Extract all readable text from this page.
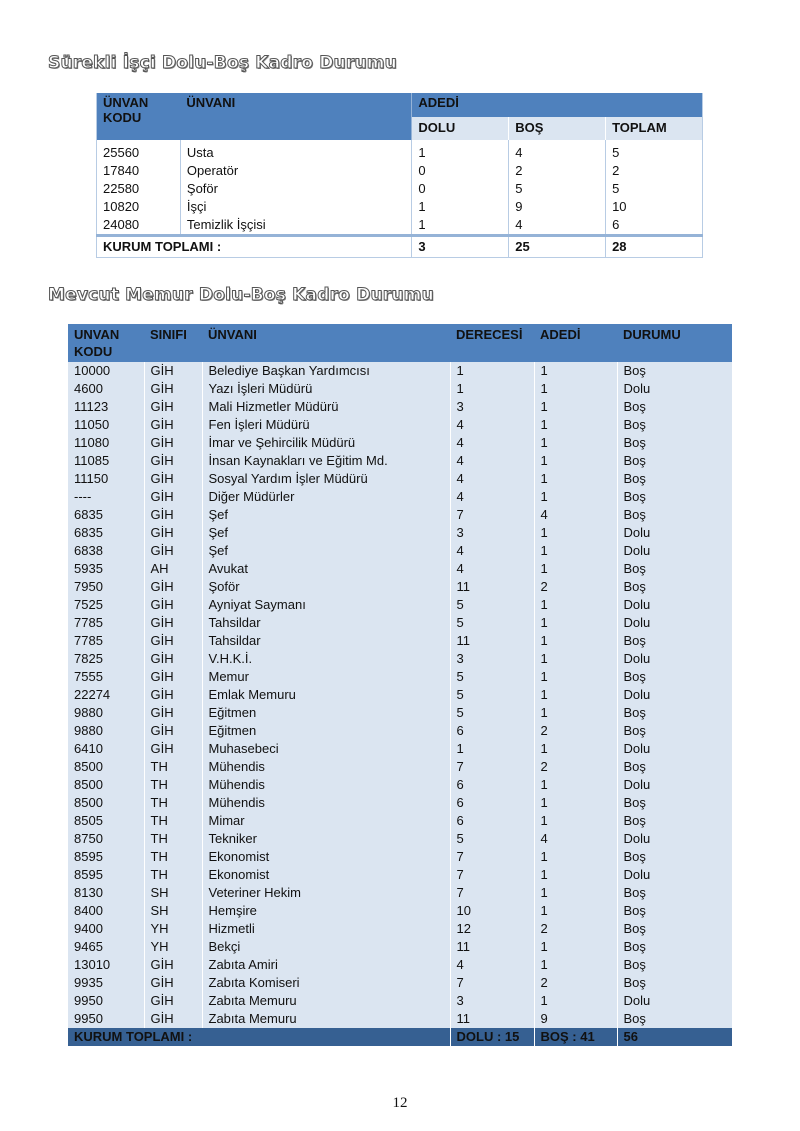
Sürekli İşçi Dolu-Boş Kadro Durumu
ÜNVAN KODU	ÜNVANI	ADEDİ		
		DOLU	BOŞ	TOPLAM
25560	Usta	1	4	5
17840	Operatör	0	2	2
22580	Şoför	0	5	5
10820	İşçi	1	9	10
24080	Temizlik İşçisi	1	4	6
KURUM TOPLAMI :		3	25	28
Mevcut Memur Dolu-Boş Kadro Durumu
UNVAN
KODU	SINIFI	ÜNVANI	DERECESİ	ADEDİ	DURUMU
10000	GİH	Belediye Başkan Yardımcısı	1	1	Boş
4600	GİH	Yazı İşleri Müdürü	1	1	Dolu
11123	GİH	Mali Hizmetler Müdürü	3	1	Boş
11050	GİH	Fen İşleri Müdürü	4	1	Boş
11080	GİH	İmar ve Şehircilik Müdürü	4	1	Boş
11085	GİH	İnsan Kaynakları ve Eğitim Md.	4	1	Boş
11150	GİH	Sosyal Yardım İşler Müdürü	4	1	Boş
----	GİH	Diğer Müdürler	4	1	Boş
6835	GİH	Şef	7	4	Boş
6835	GİH	Şef	3	1	Dolu
6838	GİH	Şef	4	1	Dolu
5935	AH	Avukat	4	1	Boş
7950	GİH	Şoför	11	2	Boş
7525	GİH	Ayniyat Saymanı	5	1	Dolu
7785	GİH	Tahsildar	5	1	Dolu
7785	GİH	Tahsildar	11	1	Boş
7825	GİH	V.H.K.İ.	3	1	Dolu
7555	GİH	Memur	5	1	Boş
22274	GİH	Emlak Memuru	5	1	Dolu
9880	GİH	Eğitmen	5	1	Boş
9880	GİH	Eğitmen	6	2	Boş
6410	GİH	Muhasebeci	1	1	Dolu
8500	TH	Mühendis	7	2	Boş
8500	TH	Mühendis	6	1	Dolu
8500	TH	Mühendis	6	1	Boş
8505	TH	Mimar	6	1	Boş
8750	TH	Tekniker	5	4	Dolu
8595	TH	Ekonomist	7	1	Boş
8595	TH	Ekonomist	7	1	Dolu
8130	SH	Veteriner Hekim	7	1	Boş
8400	SH	Hemşire	10	1	Boş
9400	YH	Hizmetli	12	2	Boş
9465	YH	Bekçi	11	1	Boş
13010	GİH	Zabıta Amiri	4	1	Boş
9935	GİH	Zabıta Komiseri	7	2	Boş
9950	GİH	Zabıta Memuru	3	1	Dolu
9950	GİH	Zabıta Memuru	11	9	Boş
KURUM TOPLAMI :			DOLU : 15	BOŞ : 41	56
12
